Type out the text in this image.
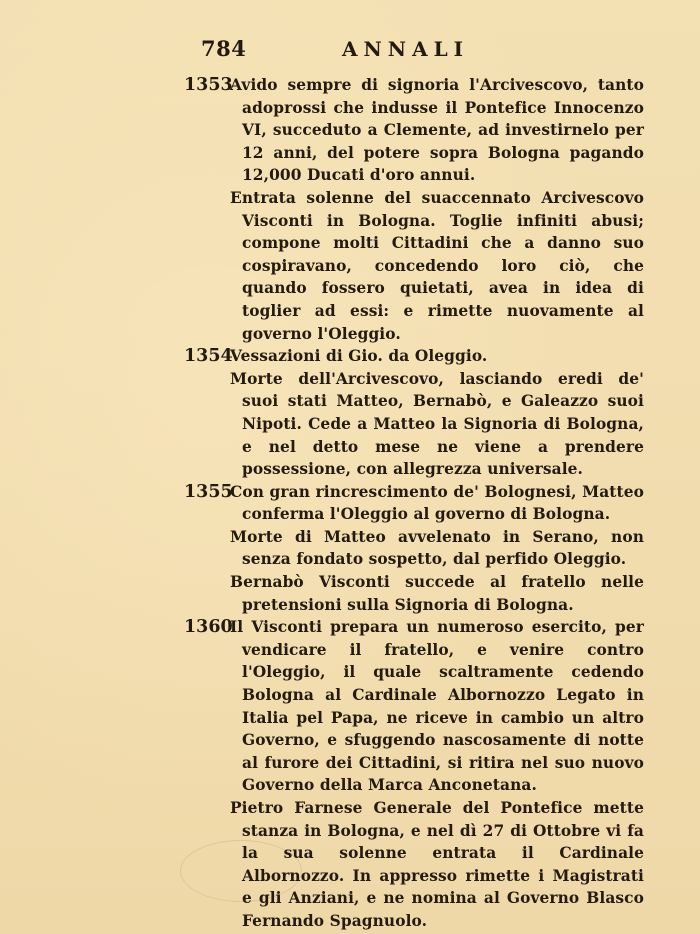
784	ANNALI
1353

Avido sempre di signoria l'Arcivescovo, tanto adoprossi che indusse il Pontefice Innocenzo VI, succeduto a Clemente, ad investirnelo per 12 anni, del potere sopra Bologna pagando 12,000 Ducati d'oro annui.

Entrata solenne del suaccennato Arcivescovo Visconti in Bologna. Toglie infiniti abusi; compone molti Cittadini che a danno suo cospiravano, concedendo loro ciò, che quando fossero quietati, avea in idea di toglier ad essi: e rimette nuovamente al governo l'Oleggio.

1354

Vessazioni di Gio. da Oleggio.

Morte dell'Arcivescovo, lasciando eredi de' suoi stati Matteo, Bernabò, e Galeazzo suoi Nipoti. Cede a Matteo la Signoria di Bologna, e nel detto mese ne viene a prendere possessione, con allegrezza universale.

1355

Con gran rincrescimento de' Bolognesi, Matteo conferma l'Oleggio al governo di Bologna.

Morte di Matteo avvelenato in Serano, non senza fondato sospetto, dal perfido Oleggio.

Bernabò Visconti succede al fratello nelle pretensioni sulla Signoria di Bologna.

1360

Il Visconti prepara un numeroso esercito, per vendicare il fratello, e venire contro l'Oleggio, il quale scaltramente cedendo Bologna al Cardinale Albornozzo Legato in Italia pel Papa, ne riceve in cambio un altro Governo, e sfuggendo nascosamente di notte al furore dei Cittadini, si ritira nel suo nuovo Governo della Marca Anconetana.

Pietro Farnese Generale del Pontefice mette stanza in Bologna, e nel dì 27 di Ottobre vi fa la sua solenne entrata il Cardinale Albornozzo. In appresso rimette i Magistrati e gli Anziani, e ne nomina al Governo Blasco Fernando Spagnuolo.
